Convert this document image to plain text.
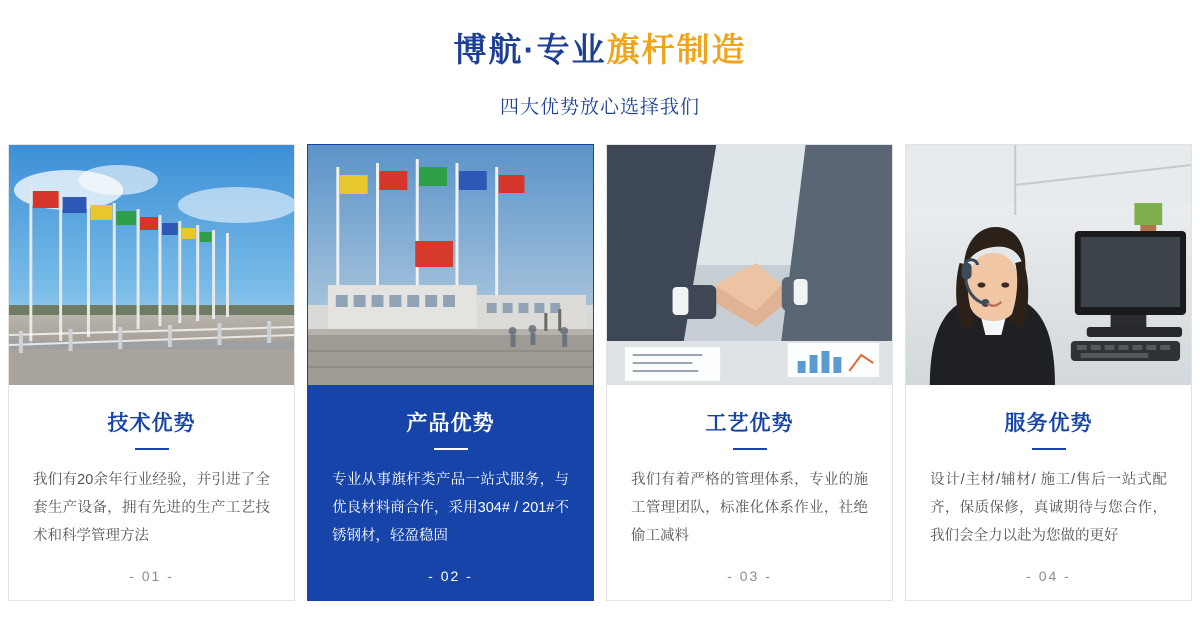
博航·专业旗杆制造
四大优势放心选择我们
技术优势
我们有20余年行业经验，并引进了全套生产设备，拥有先进的生产工艺技术和科学管理方法
- 01 -
产品优势
专业从事旗杆类产品一站式服务，与优良材料商合作，采用304# / 201#不锈钢材，轻盈稳固
- 02 -
工艺优势
我们有着严格的管理体系，专业的施工管理团队，标准化体系作业，社绝偷工减料
- 03 -
服务优势
设计/主材/辅材/ 施工/售后一站式配齐，保质保修，真诚期待与您合作，我们会全力以赴为您做的更好
- 04 -
